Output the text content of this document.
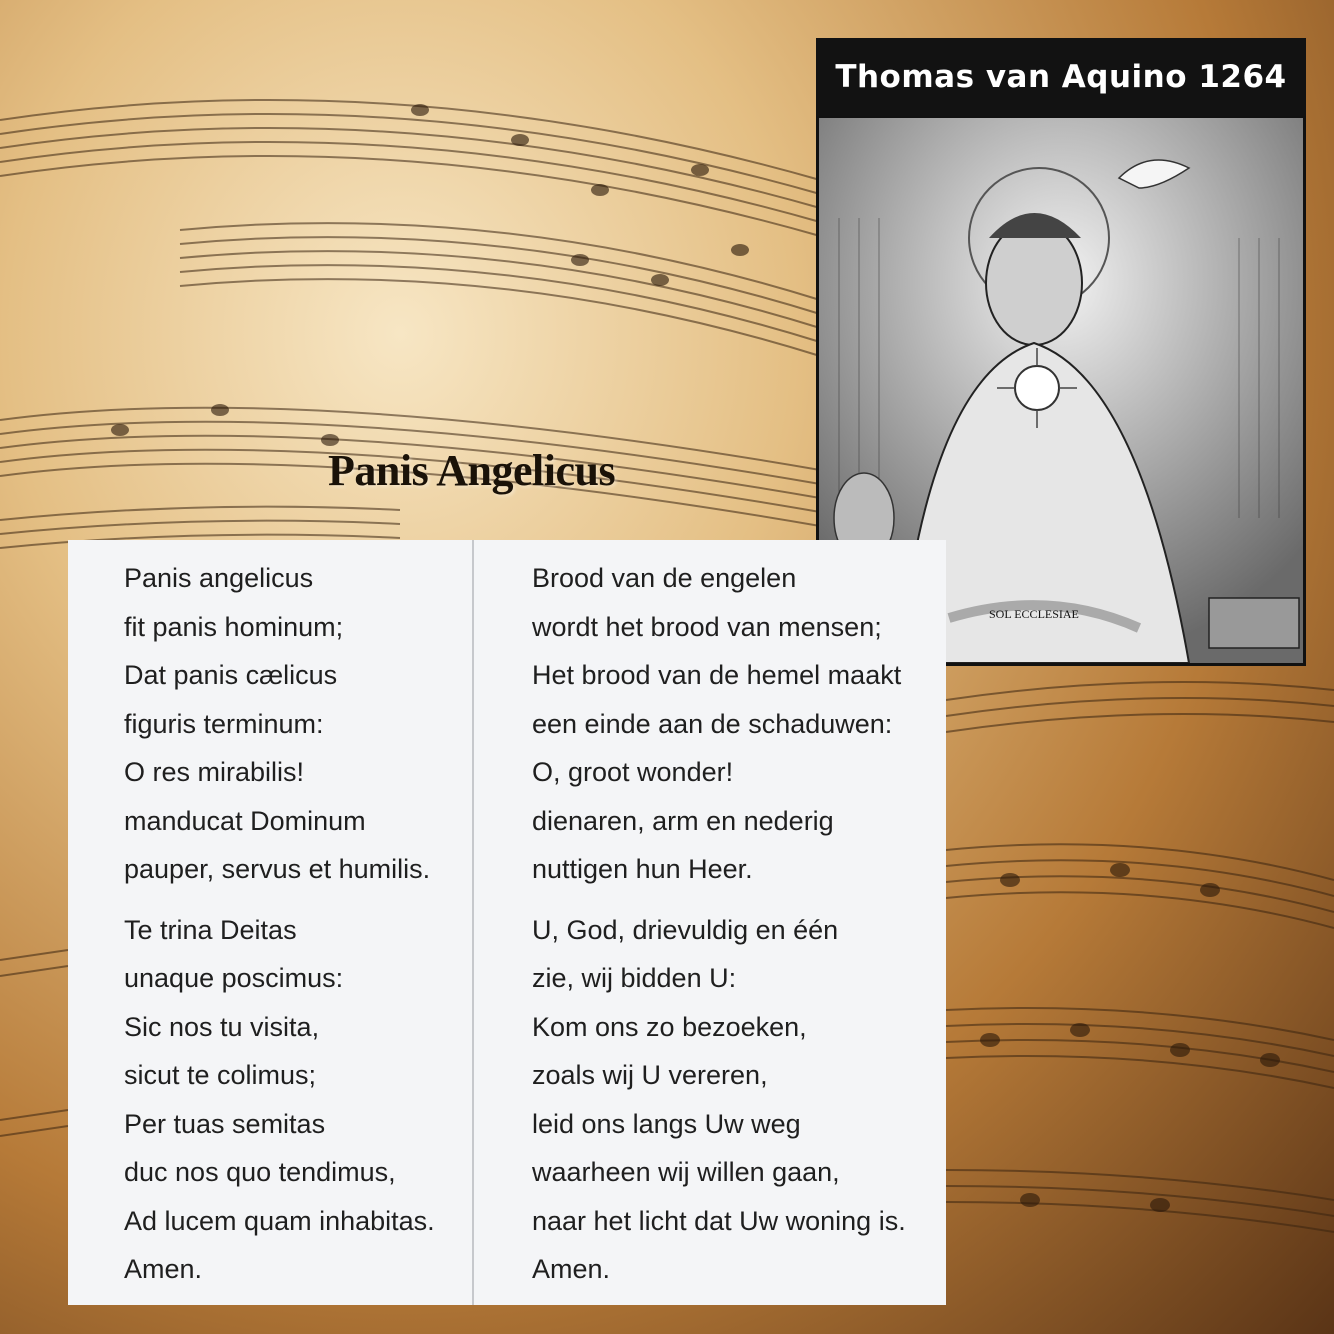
Panis Angelicus
Thomas van Aquino 1264
SOL ECCLESIAE
Panis angelicus
fit panis hominum;
Dat panis cælicus
figuris terminum:
O res mirabilis!
manducat Dominum
pauper, servus et humilis.
Te trina Deitas
unaque poscimus:
Sic nos tu visita,
sicut te colimus;
Per tuas semitas
duc nos quo tendimus,
Ad lucem quam inhabitas.
Amen.
Brood van de engelen
wordt het brood van mensen;
Het brood van de hemel maakt
een einde aan de schaduwen:
O, groot wonder!
dienaren, arm en nederig
nuttigen hun Heer.
U, God, drievuldig en één
zie, wij bidden U:
Kom ons zo bezoeken,
zoals wij U vereren,
leid ons langs Uw weg
waarheen wij willen gaan,
naar het licht dat Uw woning is.
Amen.
